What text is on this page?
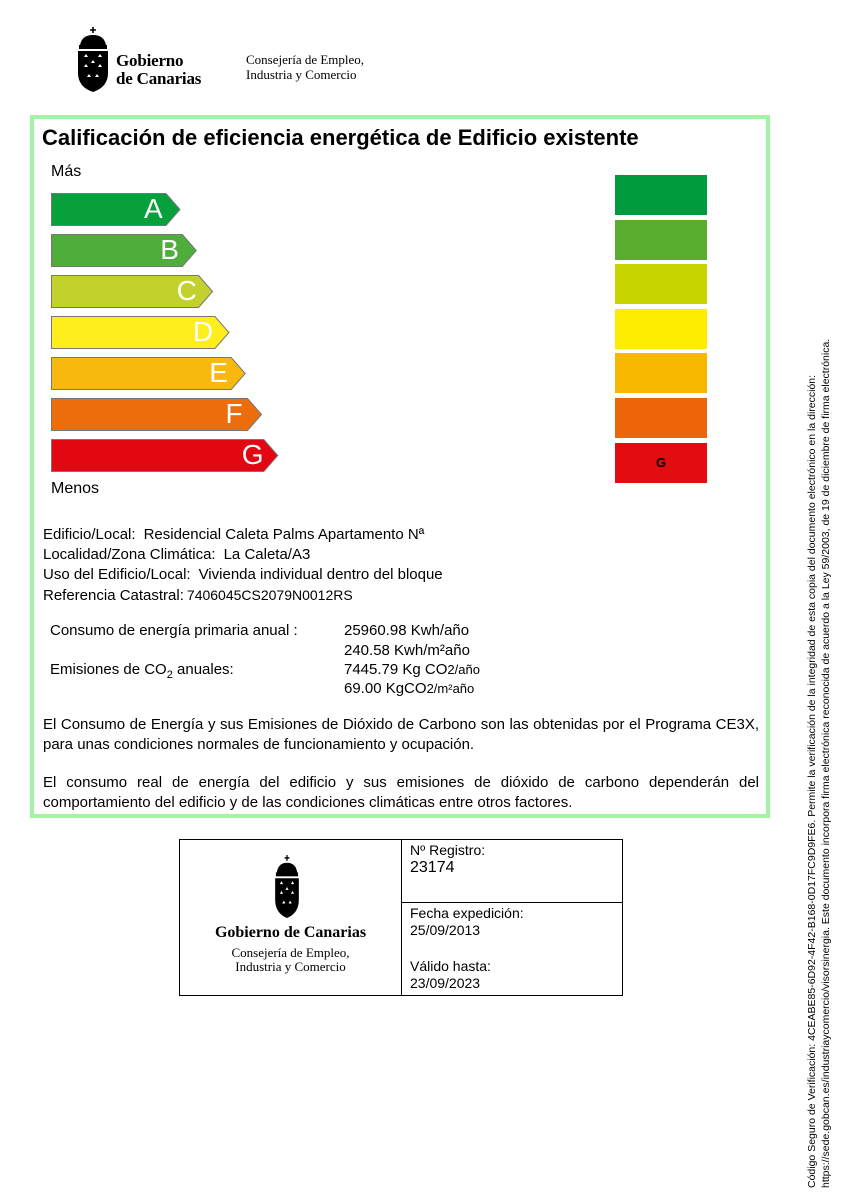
Gobierno
de Canarias
Consejería de Empleo,
Industria y Comercio
Calificación de eficiencia energética de Edificio existente
Más
A
B
C
D
E
F
G	G
Menos
Edificio/Local: Residencial Caleta Palms Apartamento Nª
Localidad/Zona Climática: La Caleta/A3
Uso del Edificio/Local: Vivienda individual dentro del bloque
Referencia Catastral: 7406045CS2079N0012RS
Consumo de energía primaria anual :	25960.98 Kwh/año
240.58 Kwh/m²año
Emisiones de $CO_2$ anuales:	7445.79 Kg CO2/año
69.00 KgCO2/m²año
El Consumo de Energía y sus Emisiones de Dióxido de Carbono son las obtenidas por el Programa CE3X, para unas condiciones normales de funcionamiento y ocupación.
El consumo real de energía del edificio y sus emisiones de dióxido de carbono dependerán del comportamiento del edificio y de las condiciones climáticas entre otros factores.
Gobierno de Canarias
Consejería de Empleo,
Industria y Comercio
Nº Registro:
23174
Fecha expedición:
25/09/2013
Válido hasta:
23/09/2023	Código Seguro de Verificación: 4CEABE85-6D92-4F42-B168-0D17FC9D9FE6. Permite la verificación de la integridad de esta copia del documento electrónico en la dirección: https://sede.gobcan.es/industriaycomercio/visorsinergia. Este documento incorpora firma electrónica reconocida de acuerdo a la Ley 59/2003, de 19 de diciembre de firma electrónica.
